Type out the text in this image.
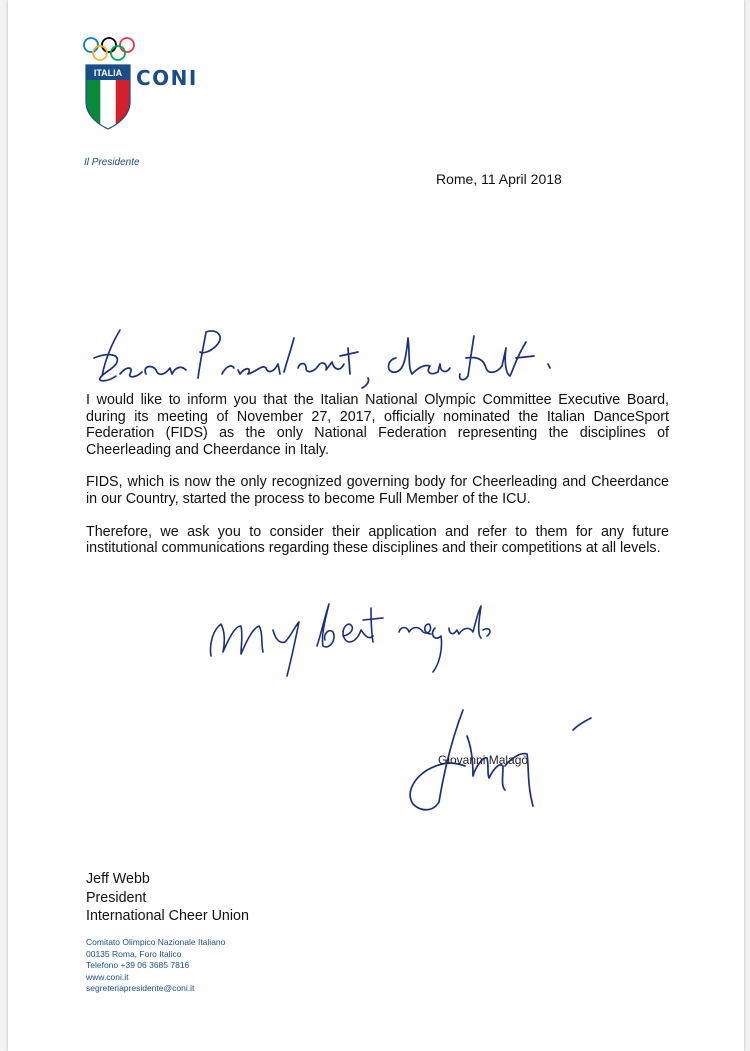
ITALIA CONI
Il Presidente
Rome, 11 April 2018

I would like to inform you that the Italian National Olympic Committee Executive Board, during its meeting of November 27, 2017, officially nominated the Italian DanceSport Federation (FIDS) as the only National Federation representing the disciplines of Cheerleading and Cheerdance in Italy.

FIDS, which is now the only recognized governing body for Cheerleading and Cheerdance in our Country, started the process to become Full Member of the ICU.

Therefore, we ask you to consider their application and refer to them for any future institutional communications regarding these disciplines and their competitions at all levels.

Giovanni Malagò
Jeff Webb
President
International Cheer Union
Comitato Olimpico Nazionale Italiano
00135 Roma, Foro Italico
Telefono +39 06 3685 7816
www.coni.it
segreteriapresidente@coni.it
